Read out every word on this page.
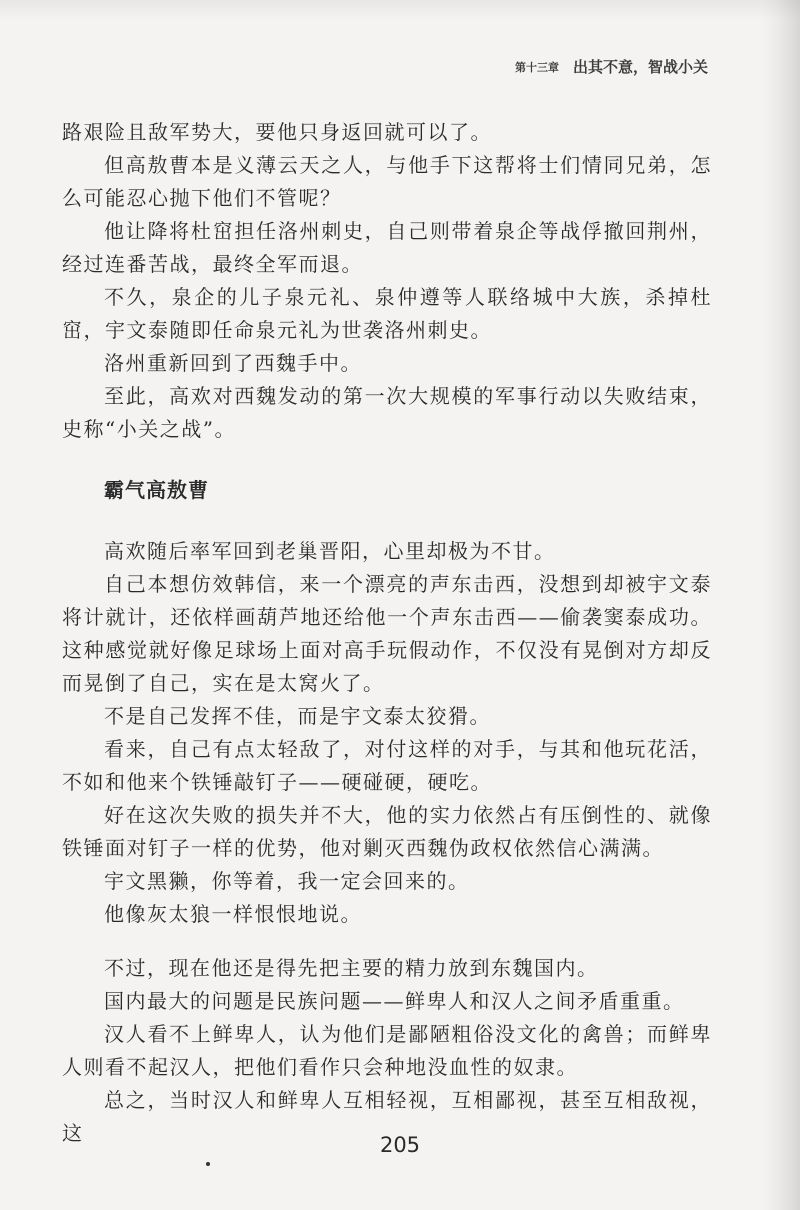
第十三章 出其不意，智战小关

路艰险且敌军势大，要他只身返回就可以了。

但高敖曹本是义薄云天之人，与他手下这帮将士们情同兄弟，怎么可能忍心抛下他们不管呢？

他让降将杜窋担任洛州刺史，自己则带着泉企等战俘撤回荆州，经过连番苦战，最终全军而退。

不久，泉企的儿子泉元礼、泉仲遵等人联络城中大族，杀掉杜窋，宇文泰随即任命泉元礼为世袭洛州刺史。

洛州重新回到了西魏手中。

至此，高欢对西魏发动的第一次大规模的军事行动以失败结束，史称“小关之战”。

霸气高敖曹

高欢随后率军回到老巢晋阳，心里却极为不甘。

自己本想仿效韩信，来一个漂亮的声东击西，没想到却被宇文泰将计就计，还依样画葫芦地还给他一个声东击西——偷袭窦泰成功。这种感觉就好像足球场上面对高手玩假动作，不仅没有晃倒对方却反而晃倒了自己，实在是太窝火了。

不是自己发挥不佳，而是宇文泰太狡猾。

看来，自己有点太轻敌了，对付这样的对手，与其和他玩花活，不如和他来个铁锤敲钉子——硬碰硬，硬吃。

好在这次失败的损失并不大，他的实力依然占有压倒性的、就像铁锤面对钉子一样的优势，他对剿灭西魏伪政权依然信心满满。

宇文黑獭，你等着，我一定会回来的。

他像灰太狼一样恨恨地说。

不过，现在他还是得先把主要的精力放到东魏国内。

国内最大的问题是民族问题——鲜卑人和汉人之间矛盾重重。

汉人看不上鲜卑人，认为他们是鄙陋粗俗没文化的禽兽；而鲜卑人则看不起汉人，把他们看作只会种地没血性的奴隶。

总之，当时汉人和鲜卑人互相轻视，互相鄙视，甚至互相敌视，这	205
